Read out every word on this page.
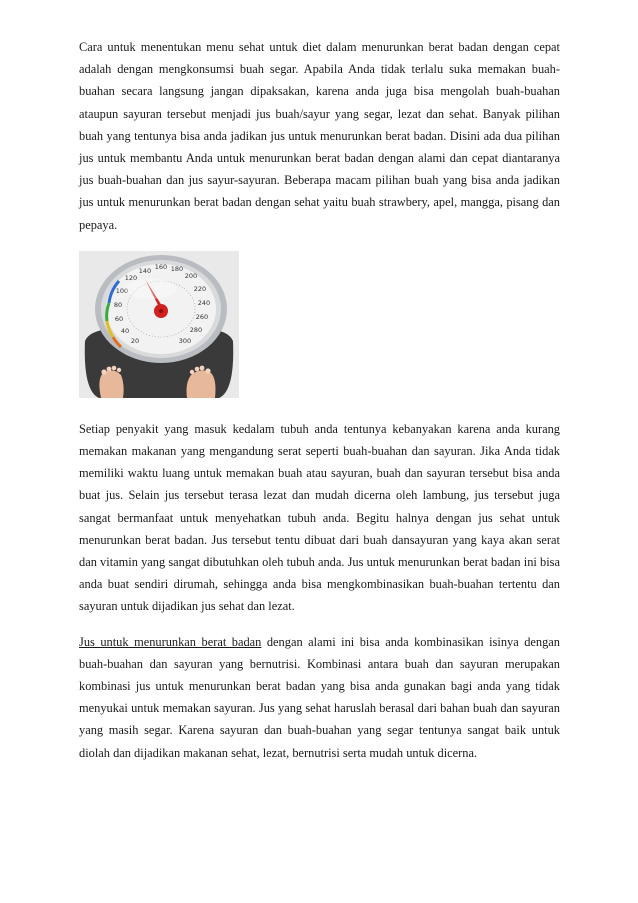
Cara untuk menentukan menu sehat untuk diet dalam menurunkan berat badan dengan cepat adalah dengan mengkonsumsi buah segar. Apabila Anda tidak terlalu suka memakan buah-buahan secara langsung jangan dipaksakan, karena anda juga bisa mengolah buah-buahan ataupun sayuran tersebut menjadi jus buah/sayur yang segar, lezat dan sehat. Banyak pilihan buah yang tentunya bisa anda jadikan jus untuk menurunkan berat badan. Disini ada dua pilihan jus untuk membantu Anda untuk menurunkan berat badan dengan alami dan cepat diantaranya jus buah-buahan dan jus sayur-sayuran. Beberapa macam pilihan buah yang bisa anda jadikan jus untuk menurunkan berat badan dengan sehat yaitu buah strawbery, apel, mangga, pisang dan pepaya.

140 160 180
200
220
240
260
280
300
120
100
80
60
40
20

Setiap penyakit yang masuk kedalam tubuh anda tentunya kebanyakan karena anda kurang memakan makanan yang mengandung serat seperti buah-buahan dan sayuran. Jika Anda tidak memiliki waktu luang untuk memakan buah atau sayuran, buah dan sayuran tersebut bisa anda buat jus. Selain jus tersebut terasa lezat dan mudah dicerna oleh lambung, jus tersebut juga sangat bermanfaat untuk menyehatkan tubuh anda. Begitu halnya dengan jus sehat untuk menurunkan berat badan. Jus tersebut tentu dibuat dari buah dansayuran yang kaya akan serat dan vitamin yang sangat dibutuhkan oleh tubuh anda. Jus untuk menurunkan berat badan ini bisa anda buat sendiri dirumah, sehingga anda bisa mengkombinasikan buah-buahan tertentu dan sayuran untuk dijadikan jus sehat dan lezat.

Jus untuk menurunkan berat badan dengan alami ini bisa anda kombinasikan isinya dengan buah-buahan dan sayuran yang bernutrisi. Kombinasi antara buah dan sayuran merupakan kombinasi jus untuk menurunkan berat badan yang bisa anda gunakan bagi anda yang tidak menyukai untuk memakan sayuran. Jus yang sehat haruslah berasal dari bahan buah dan sayuran yang masih segar. Karena sayuran dan buah-buahan yang segar tentunya sangat baik untuk diolah dan dijadikan makanan sehat, lezat, bernutrisi serta mudah untuk dicerna.
